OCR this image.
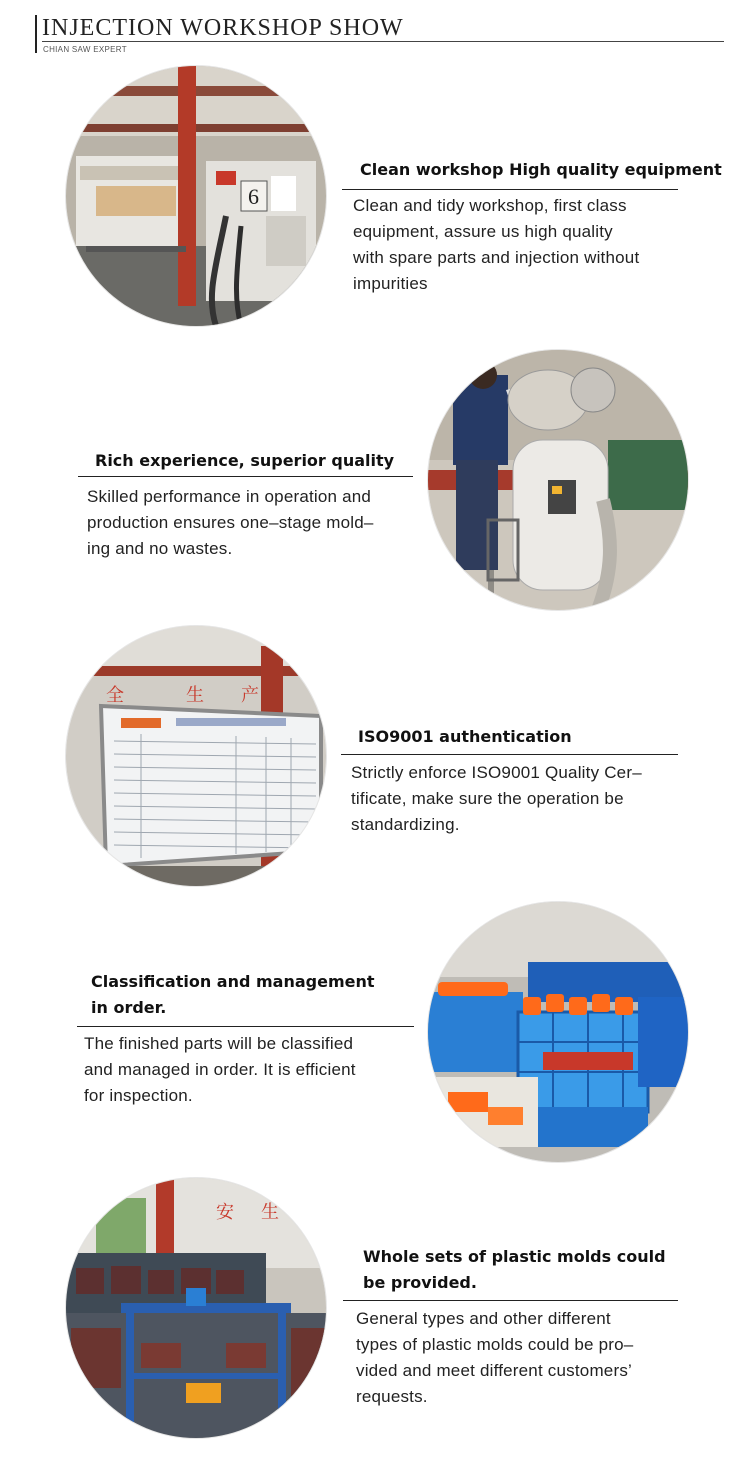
INJECTION WORKSHOP SHOW
CHIAN SAW EXPERT
6
Clean workshop High quality equipment
Clean and tidy workshop, first class
equipment, assure us high quality
with spare parts and injection without
impurities
Rich experience, superior quality
Skilled performance in operation and
production ensures one–stage mold–
ing and no wastes.
全	生 产
ISO9001 authentication
Strictly enforce ISO9001 Quality Cer–
tificate, make sure the operation be
standardizing.
Classification and management
in order.
The finished parts will be classified
and managed in order. It is efficient
for inspection.
安 生
Whole sets of plastic molds could
be provided.
General types and other different
types of plastic molds could be pro–
vided and meet different customers’
requests.
